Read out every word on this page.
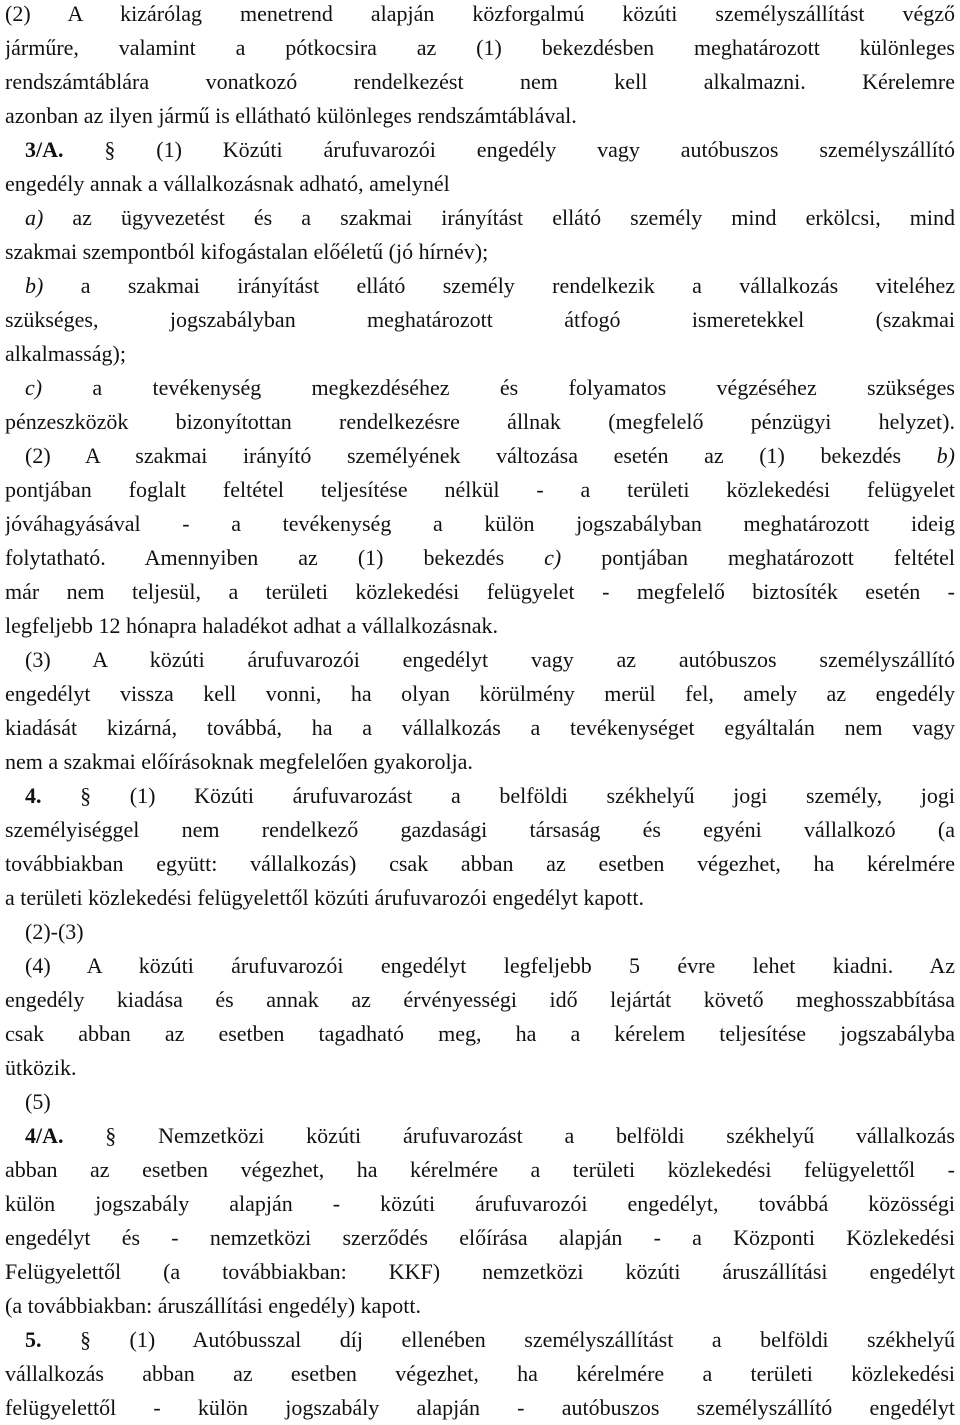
(2) A kizárólag menetrend alapján közforgalmú közúti személyszállítást végző
járműre, valamint a pótkocsira az (1) bekezdésben meghatározott különleges
rendszámtáblára vonatkozó rendelkezést nem kell alkalmazni. Kérelemre
azonban az ilyen jármű is ellátható különleges rendszámtáblával.
3/A. § (1) Közúti árufuvarozói engedély vagy autóbuszos személyszállító
engedély annak a vállalkozásnak adható, amelynél
a) az ügyvezetést és a szakmai irányítást ellátó személy mind erkölcsi, mind
szakmai szempontból kifogástalan előéletű (jó hírnév);
b) a szakmai irányítást ellátó személy rendelkezik a vállalkozás viteléhez
szükséges, jogszabályban meghatározott átfogó ismeretekkel (szakmai
alkalmasság);
c) a tevékenység megkezdéséhez és folyamatos végzéséhez szükséges
pénzeszközök bizonyítottan rendelkezésre állnak (megfelelő pénzügyi helyzet).
(2) A szakmai irányító személyének változása esetén az (1) bekezdés b)
pontjában foglalt feltétel teljesítése nélkül - a területi közlekedési felügyelet
jóváhagyásával - a tevékenység a külön jogszabályban meghatározott ideig
folytatható. Amennyiben az (1) bekezdés c) pontjában meghatározott feltétel
már nem teljesül, a területi közlekedési felügyelet - megfelelő biztosíték esetén -
legfeljebb 12 hónapra haladékot adhat a vállalkozásnak.
(3) A közúti árufuvarozói engedélyt vagy az autóbuszos személyszállító
engedélyt vissza kell vonni, ha olyan körülmény merül fel, amely az engedély
kiadását kizárná, továbbá, ha a vállalkozás a tevékenységet egyáltalán nem vagy
nem a szakmai előírásoknak megfelelően gyakorolja.
4. § (1) Közúti árufuvarozást a belföldi székhelyű jogi személy, jogi
személyiséggel nem rendelkező gazdasági társaság és egyéni vállalkozó (a
továbbiakban együtt: vállalkozás) csak abban az esetben végezhet, ha kérelmére
a területi közlekedési felügyelettől közúti árufuvarozói engedélyt kapott.
(2)-(3)
(4) A közúti árufuvarozói engedélyt legfeljebb 5 évre lehet kiadni. Az
engedély kiadása és annak az érvényességi idő lejártát követő meghosszabbítása
csak abban az esetben tagadható meg, ha a kérelem teljesítése jogszabályba
ütközik.
(5)
4/A. § Nemzetközi közúti árufuvarozást a belföldi székhelyű vállalkozás
abban az esetben végezhet, ha kérelmére a területi közlekedési felügyelettől -
külön jogszabály alapján - közúti árufuvarozói engedélyt, továbbá közösségi
engedélyt és - nemzetközi szerződés előírása alapján - a Központi Közlekedési
Felügyelettől (a továbbiakban: KKF) nemzetközi közúti áruszállítási engedélyt
(a továbbiakban: áruszállítási engedély) kapott.
5. § (1) Autóbusszal díj ellenében személyszállítást a belföldi székhelyű
vállalkozás abban az esetben végezhet, ha kérelmére a területi közlekedési
felügyelettől - külön jogszabály alapján - autóbuszos személyszállító engedélyt
